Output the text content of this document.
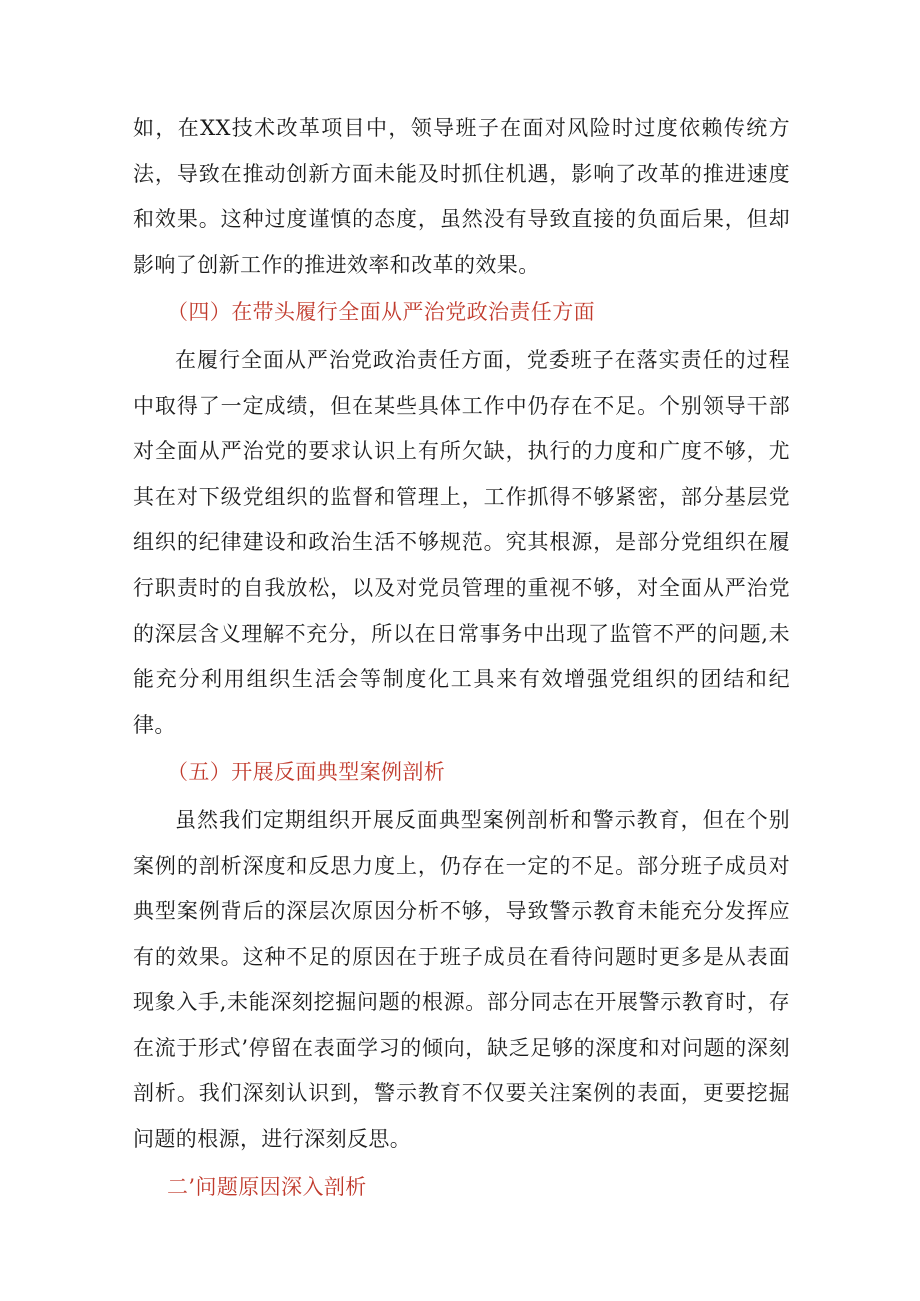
如，在XX技术改革项目中，领导班子在面对风险时过度依赖传统方法，导致在推动创新方面未能及时抓住机遇，影响了改革的推进速度和效果。这种过度谨慎的态度，虽然没有导致直接的负面后果，但却影响了创新工作的推进效率和改革的效果。

（四）在带头履行全面从严治党政治责任方面

在履行全面从严治党政治责任方面，党委班子在落实责任的过程中取得了一定成绩，但在某些具体工作中仍存在不足。个别领导干部对全面从严治党的要求认识上有所欠缺，执行的力度和广度不够，尤其在对下级党组织的监督和管理上，工作抓得不够紧密，部分基层党组织的纪律建设和政治生活不够规范。究其根源，是部分党组织在履行职责时的自我放松，以及对党员管理的重视不够，对全面从严治党的深层含义理解不充分，所以在日常事务中出现了监管不严的问题,未能充分利用组织生活会等制度化工具来有效增强党组织的团结和纪律。

（五）开展反面典型案例剖析

虽然我们定期组织开展反面典型案例剖析和警示教育，但在个别案例的剖析深度和反思力度上，仍存在一定的不足。部分班子成员对典型案例背后的深层次原因分析不够，导致警示教育未能充分发挥应有的效果。这种不足的原因在于班子成员在看待问题时更多是从表面现象入手,未能深刻挖掘问题的根源。部分同志在开展警示教育时，存在流于形式’停留在表面学习的倾向，缺乏足够的深度和对问题的深刻剖析。我们深刻认识到，警示教育不仅要关注案例的表面，更要挖掘问题的根源，进行深刻反思。

二’问题原因深入剖析
